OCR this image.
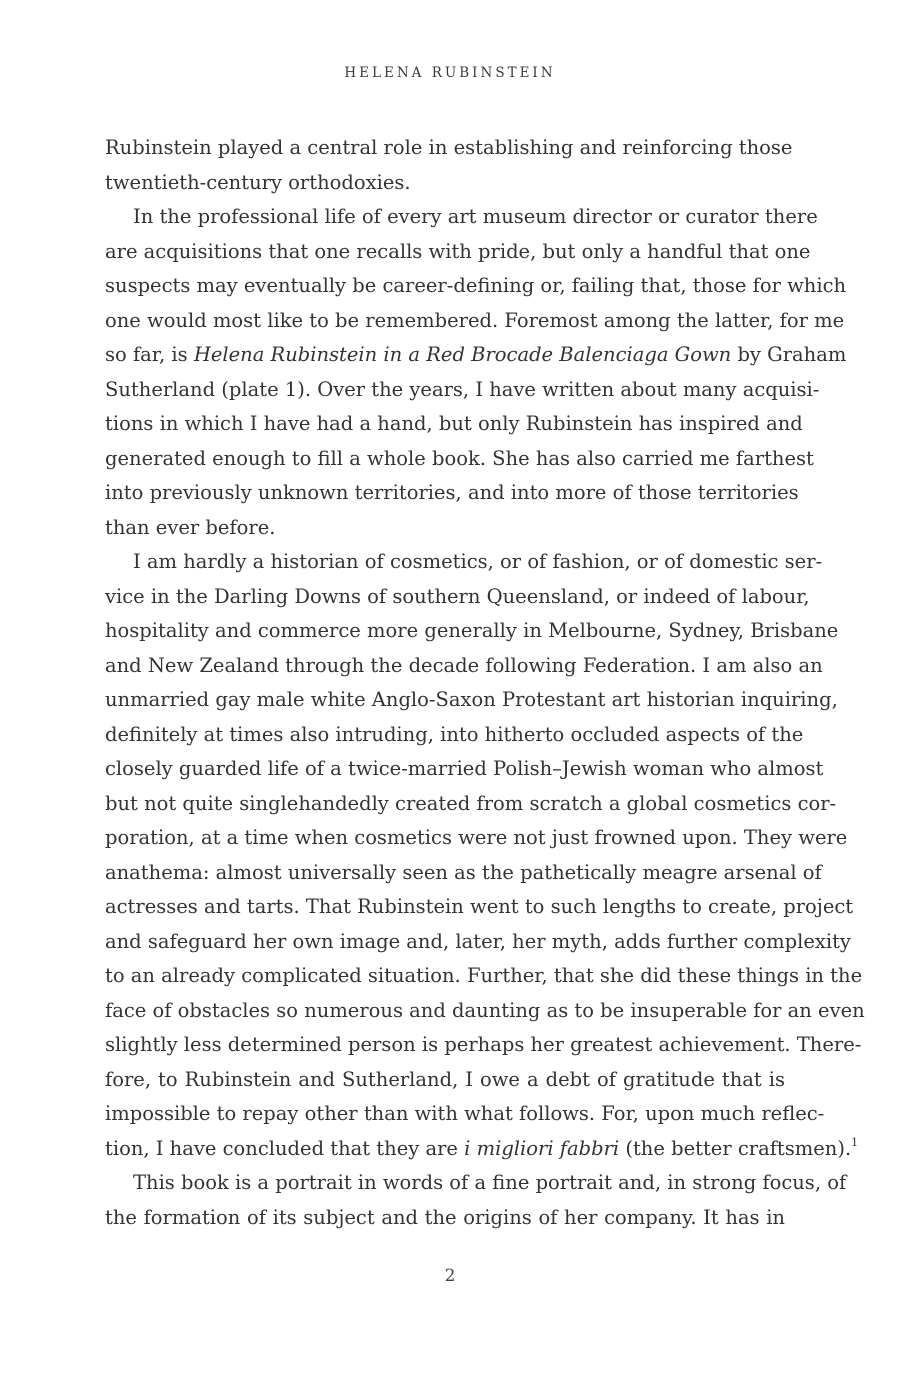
HELENA RUBINSTEIN
Rubinstein played a central role in establishing and reinforcing those
twentieth-century orthodoxies.
In the professional life of every art museum director or curator there
are acquisitions that one recalls with pride, but only a handful that one
suspects may eventually be career-defining or, failing that, those for which
one would most like to be remembered. Foremost among the latter, for me
so far, is Helena Rubinstein in a Red Brocade Balenciaga Gown by Graham
Sutherland (plate 1). Over the years, I have written about many acquisi-
tions in which I have had a hand, but only Rubinstein has inspired and
generated enough to fill a whole book. She has also carried me farthest
into previously unknown territories, and into more of those territories
than ever before.
I am hardly a historian of cosmetics, or of fashion, or of domestic ser-
vice in the Darling Downs of southern Queensland, or indeed of labour,
hospitality and commerce more generally in Melbourne, Sydney, Brisbane
and New Zealand through the decade following Federation. I am also an
unmarried gay male white Anglo-Saxon Protestant art historian inquiring,
definitely at times also intruding, into hitherto occluded aspects of the
closely guarded life of a twice-married Polish–Jewish woman who almost
but not quite singlehandedly created from scratch a global cosmetics cor-
poration, at a time when cosmetics were not just frowned upon. They were
anathema: almost universally seen as the pathetically meagre arsenal of
actresses and tarts. That Rubinstein went to such lengths to create, project
and safeguard her own image and, later, her myth, adds further complexity
to an already complicated situation. Further, that she did these things in the
face of obstacles so numerous and daunting as to be insuperable for an even
slightly less determined person is perhaps her greatest achievement. There-
fore, to Rubinstein and Sutherland, I owe a debt of gratitude that is
impossible to repay other than with what follows. For, upon much reflec-
tion, I have concluded that they are i migliori fabbri (the better craftsmen).$^1$
This book is a portrait in words of a fine portrait and, in strong focus, of
the formation of its subject and the origins of her company. It has in
2
